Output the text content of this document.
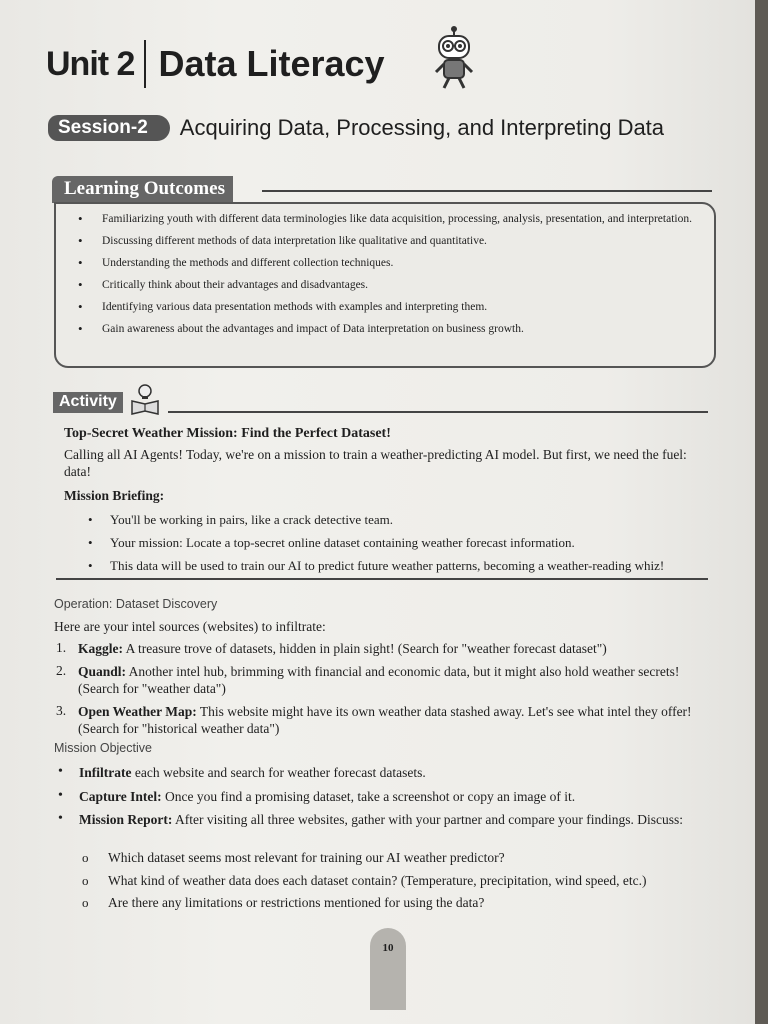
Unit 2 Data Literacy
Session-2	Acquiring Data, Processing, and Interpreting Data
Learning Outcomes
• Familiarizing youth with different data terminologies like data acquisition, processing, analysis, presentation, and interpretation.
• Discussing different methods of data interpretation like qualitative and quantitative.
• Understanding the methods and different collection techniques.
• Critically think about their advantages and disadvantages.
• Identifying various data presentation methods with examples and interpreting them.
• Gain awareness about the advantages and impact of Data interpretation on business growth.
Activity
Top-Secret Weather Mission: Find the Perfect Dataset!
Calling all AI Agents! Today, we're on a mission to train a weather-predicting AI model. But first, we need the fuel: data!
Mission Briefing:
• You'll be working in pairs, like a crack detective team.
• Your mission: Locate a top-secret online dataset containing weather forecast information.
• This data will be used to train our AI to predict future weather patterns, becoming a weather-reading whiz!
Operation: Dataset Discovery
Here are your intel sources (websites) to infiltrate:
1. Kaggle: A treasure trove of datasets, hidden in plain sight! (Search for "weather forecast dataset")
2. Quandl: Another intel hub, brimming with financial and economic data, but it might also hold weather secrets! (Search for "weather data")
3. Open Weather Map: This website might have its own weather data stashed away. Let's see what intel they offer! (Search for "historical weather data")
Mission Objective
• Infiltrate each website and search for weather forecast datasets.
• Capture Intel: Once you find a promising dataset, take a screenshot or copy an image of it.
• Mission Report: After visiting all three websites, gather with your partner and compare your findings. Discuss:
o Which dataset seems most relevant for training our AI weather predictor?
o What kind of weather data does each dataset contain? (Temperature, precipitation, wind speed, etc.)
o Are there any limitations or restrictions mentioned for using the data?
10
